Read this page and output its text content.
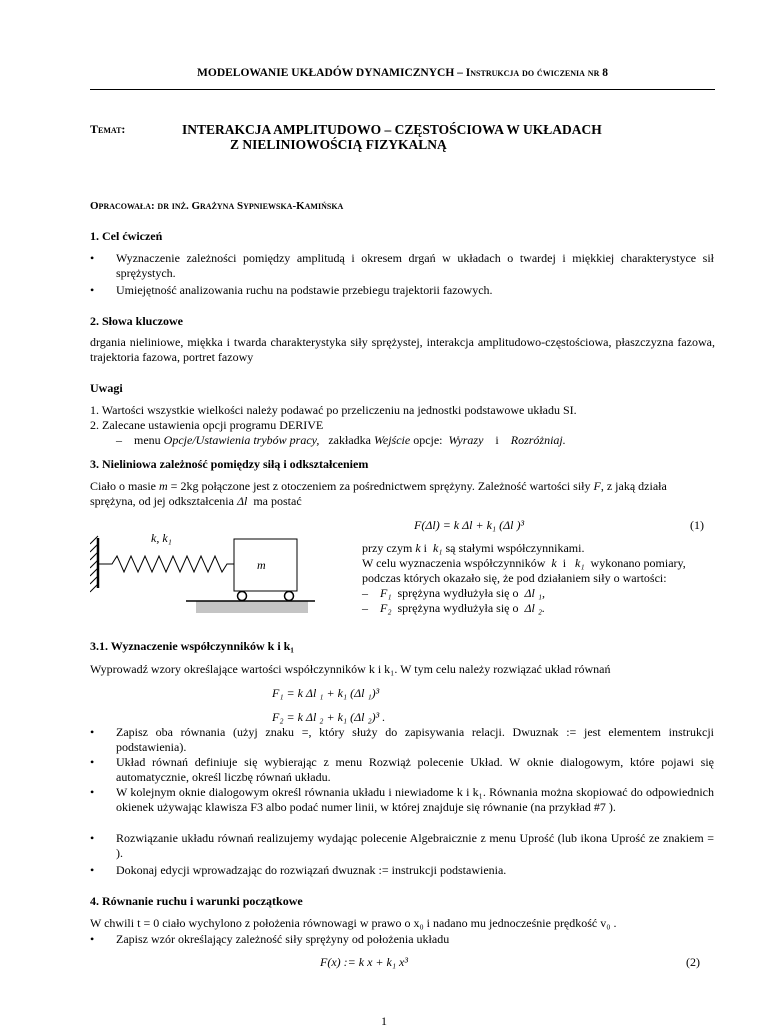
MODELOWANIE UKŁADÓW DYNAMICZNYCH – Instrukcja do ćwiczenia nr 8
Temat:	INTERAKCJA AMPLITUDOWO – CZĘSTOŚCIOWA W UKŁADACH
Z NIELINIOWOŚCIĄ FIZYKALNĄ
Opracowała: dr inż. Grażyna Sypniewska-Kamińska
1. Cel ćwiczeń
• Wyznaczenie zależności pomiędzy amplitudą i okresem drgań w układach o twardej i miękkiej charakterystyce sił sprężystych.
• Umiejętność analizowania ruchu na podstawie przebiegu trajektorii fazowych.
2. Słowa kluczowe
drgania nieliniowe, miękka i twarda charakterystyka siły sprężystej, interakcja amplitudowo-częstościowa, płaszczyzna fazowa, trajektoria fazowa, portret fazowy
Uwagi
1. Wartości wszystkie wielkości należy podawać po przeliczeniu na jednostki podstawowe układu SI.
2. Zalecane ustawienia opcji programu DERIVE
– menu Opcje/Ustawienia trybów pracy, zakładka Wejście opcje: Wyrazy i Rozróżniaj.
3. Nieliniowa zależność pomiędzy siłą i odkształceniem
Ciało o masie m = 2kg połączone jest z otoczeniem za pośrednictwem sprężyny. Zależność wartości siły F, z jaką działa
sprężyna, od jej odkształcenia Δl ma postać
F(Δl) = k Δl + k₁ (Δl )³	(1)
k, k₁
m
przy czym k i k₁ są stałymi współczynnikami.
W celu wyznaczenia współczynników k i k₁ wykonano pomiary,
podczas których okazało się, że pod działaniem siły o wartości:
– F₁ sprężyna wydłużyła się o Δl ₁,
– F₂ sprężyna wydłużyła się o Δl ₂.
3.1. Wyznaczenie współczynników k i k₁
Wyprowadź wzory określające wartości współczynników k i k₁. W tym celu należy rozwiązać układ równań
F₁ = k Δl ₁ + k₁ (Δl ₁)³
F₂ = k Δl ₂ + k₁ (Δl ₂)³ .
• Zapisz oba równania (użyj znaku =, który służy do zapisywania relacji. Dwuznak := jest elementem instrukcji podstawienia).
• Układ równań definiuje się wybierając z menu Rozwiąż polecenie Układ. W oknie dialogowym, które pojawi się automatycznie, określ liczbę równań układu.
• W kolejnym oknie dialogowym określ równania układu i niewiadome k i k₁. Równania można skopiować do odpowiednich okienek używając klawisza F3 albo podać numer linii, w której znajduje się równanie (na przykład #7 ).
• Rozwiązanie układu równań realizujemy wydając polecenie Algebraicznie z menu Uprość (lub ikona Uprość ze znakiem = ).
• Dokonaj edycji wprowadzając do rozwiązań dwuznak := instrukcji podstawienia.
4. Równanie ruchu i warunki początkowe
W chwili t = 0 ciało wychylono z położenia równowagi w prawo o x₀ i nadano mu jednocześnie prędkość v₀ .
• Zapisz wzór określający zależność siły sprężyny od położenia układu
F(x) := k x + k₁ x³	(2)
1
